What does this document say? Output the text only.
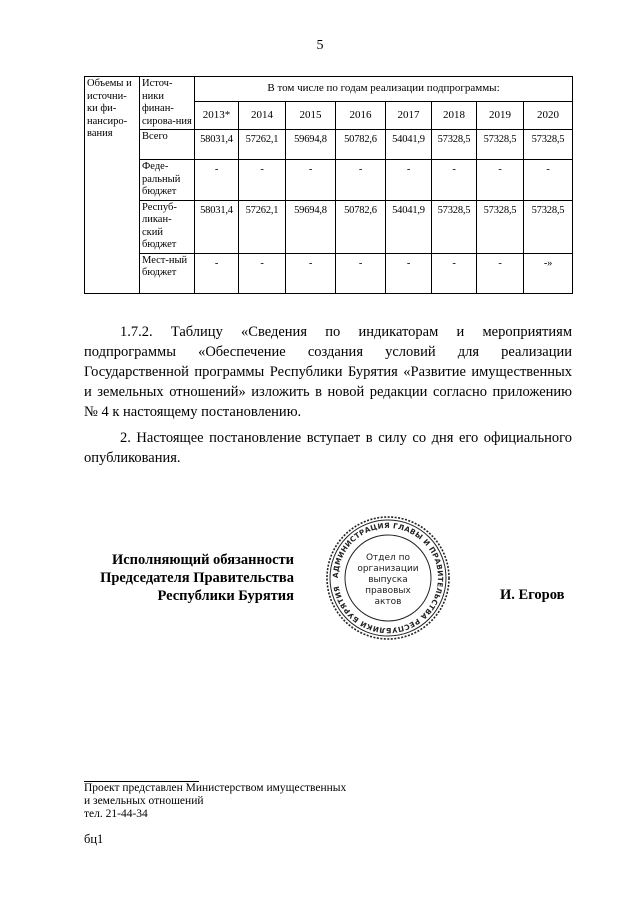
5
Объемы и источни-ки фи-нансиро-вания	Источ-ники финан-сирова-ния	В том числе по годам реализации подпрограммы:							
		2013*	2014	2015	2016	2017	2018	2019	2020
	Всего	58031,4	57262,1	59694,8	50782,6	54041,9	57328,5	57328,5	57328,5
	Феде-ральный бюджет	-	-	-	-	-	-	-	-
	Респуб-ликан-ский бюджет	58031,4	57262,1	59694,8	50782,6	54041,9	57328,5	57328,5	57328,5
	Мест-ный бюджет	-	-	-	-	-	-	-	-»
1.7.2. Таблицу «Сведения по индикаторам и мероприятиям подпрограммы «Обеспечение создания условий для реализации Государственной программы Республики Бурятия «Развитие имущественных и земельных отношений» изложить в новой редакции согласно приложению № 4 к настоящему постановлению.
2. Настоящее постановление вступает в силу со дня его официального опубликования.
Исполняющий обязанности
Председателя Правительства
Республики Бурятия
АДМИНИСТРАЦИЯ ГЛАВЫ И ПРАВИТЕЛЬСТВА РЕСПУБЛИКИ БУРЯТИЯ
Отдел по
организации
выпуска
правовых
актов	И. Егоров
Проект представлен Министерством имущественных
и земельных отношений
тел. 21-44-34
бц1
